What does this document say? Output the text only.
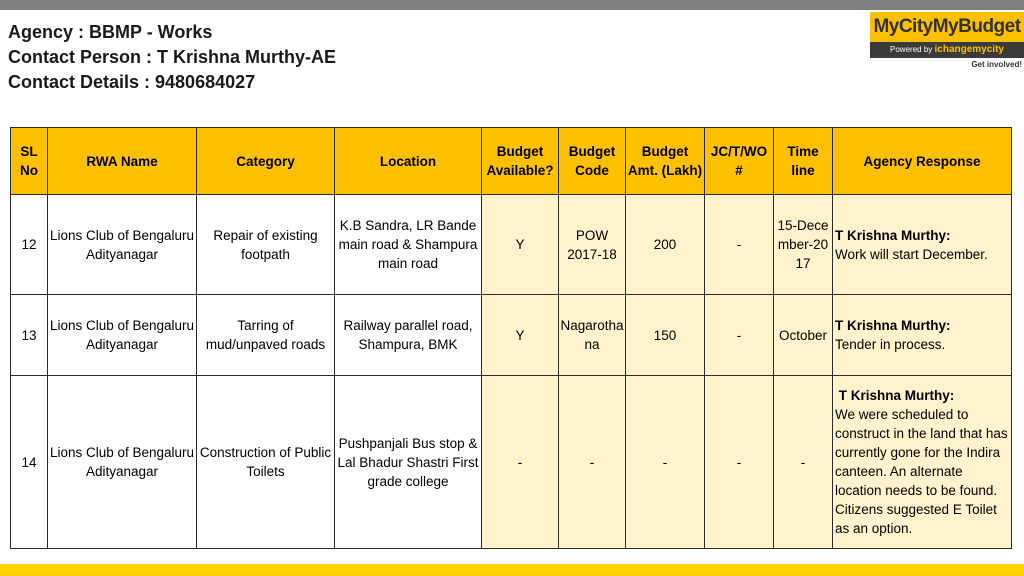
Agency : BBMP - Works
Contact Person : T Krishna Murthy-AE
Contact Details : 9480684027
MyCityMyBudget
Powered by ichangemycity
Get involved!
SL No	RWA Name	Category	Location	Budget Available?	Budget Code	Budget Amt. (Lakh)	JC/T/WO #	Time line	Agency Response
12	Lions Club of Bengaluru Adityanagar	Repair of existing footpath	K.B Sandra, LR Bande main road & Shampura main road	Y	POW 2017-18	200	-	15-December-2017	T Krishna Murthy:
Work will start December.

13	Lions Club of Bengaluru Adityanagar	Tarring of mud/unpaved roads	Railway parallel road, Shampura, BMK	Y	Nagarothana	150	-	October	T Krishna Murthy:
Tender in process.

14	Lions Club of Bengaluru Adityanagar	Construction of Public Toilets	Pushpanjali Bus stop & Lal Bhadur Shastri First grade college	-	-	-	-	-	T Krishna Murthy:
We were scheduled to construct in the land that has currently gone for the Indira canteen. An alternate location needs to be found. Citizens suggested E Toilet as an option.
